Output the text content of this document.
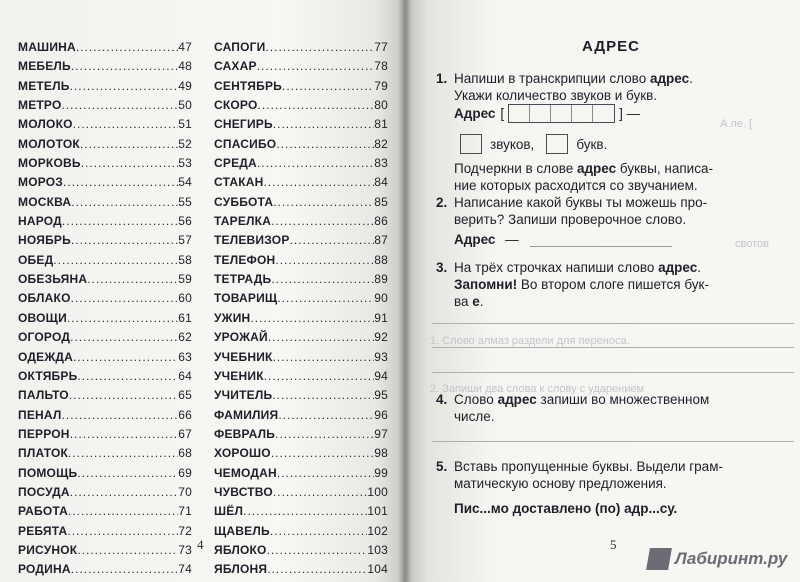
МАШИНА .....	47
МЕБЕЛЬ .....	48
МЕТЕЛЬ .....	49
МЕТРО .....	50
МОЛОКО .....	51
МОЛОТОК .....	52
МОРКОВЬ .....	53
МОРОЗ .....	54
МОСКВА .....	55
НАРОД .....	56
НОЯБРЬ .....	57
ОБЕД .....	58
ОБЕЗЬЯНА .....	59
ОБЛАКО .....	60
ОВОЩИ .....	61
ОГОРОД .....	62
ОДЕЖДА .....	63
ОКТЯБРЬ .....	64
ПАЛЬТО .....	65
ПЕНАЛ .....	66
ПЕРРОН .....	67
ПЛАТОК .....	68
ПОМОЩЬ .....	69
ПОСУДА .....	70
РАБОТА .....	71
РЕБЯТА .....	72
РИСУНОК .....	73
РОДИНА .....	74
.....
САПОГИ .....	77
САХАР .....	78
СЕНТЯБРЬ .....	79
СКОРО .....	80
СНЕГИРЬ .....	81
СПАСИБО .....	82
СРЕДА .....	83
СТАКАН .....	84
СУББОТА .....	85
ТАРЕЛКА .....	86
ТЕЛЕВИЗОР .....	87
ТЕЛЕФОН .....	88
ТЕТРАДЬ .....	89
ТОВАРИЩ .....	90
УЖИН .....	91
УРОЖАЙ .....	92
УЧЕБНИК .....	93
УЧЕНИК .....	94
УЧИТЕЛЬ .....	95
ФАМИЛИЯ .....	96
ФЕВРАЛЬ .....	97
ХОРОШО .....	98
ЧЕМОДАН .....	99
ЧУВСТВО .....	100
ШЁЛ .....	101
ЩАВЕЛЬ .....	102
ЯБЛОКО .....	103
ЯБЛОНЯ .....	104
.....
4
А ле. [
свотов
1. Слово алмаз раздели для переноса.
2. Запиши два слова к слову с ударением
АДРЕС
1. Напиши в транскрипции слово адрес.
Укажи количество звуков и букв.
Адрес [	] —
звуков,	букв.
Подчеркни в слове адрес буквы, написа-
ние которых расходится со звучанием.
2. Написание какой буквы ты можешь про-
верить? Запиши проверочное слово.
Адрес —
3. На трёх строчках напиши слово адрес.
Запомни! Во втором слоге пишется бук-
ва е.
4. Слово адрес запиши во множественном
числе.
5. Вставь пропущенные буквы. Выдели грам-
матическую основу предложения.
Пис...мо доставлено (по) адр...су.
5
Лабиринт.ру
